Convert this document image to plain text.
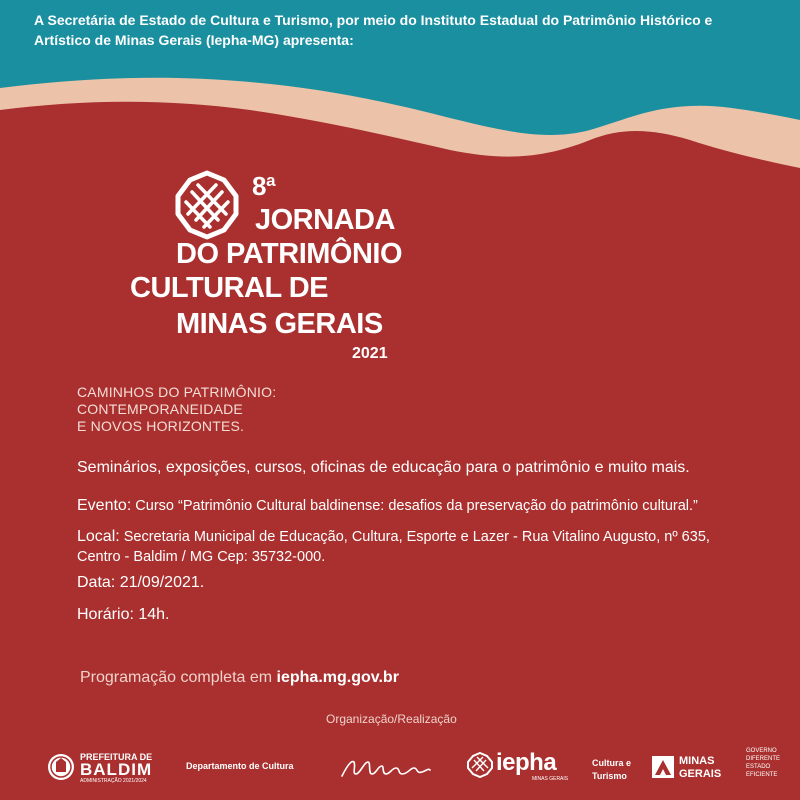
A Secretária de Estado de Cultura e Turismo, por meio do Instituto Estadual do Patrimônio Histórico e
Artístico de Minas Gerais (Iepha-MG) apresenta:
8ª
JORNADA
DO PATRIMÔNIO
CULTURAL DE
MINAS GERAIS
2021
CAMINHOS DO PATRIMÔNIO:
CONTEMPORANEIDADE
E NOVOS HORIZONTES.
Seminários, exposições, cursos, oficinas de educação para o patrimônio e muito mais.
Evento: Curso “Patrimônio Cultural baldinense: desafios da preservação do patrimônio cultural.”
Local: Secretaria Municipal de Educação, Cultura, Esporte e Lazer - Rua Vitalino Augusto, nº 635,
Centro - Baldim / MG Cep: 35732-000.
Data: 21/09/2021.
Horário: 14h.
Programação completa em iepha.mg.gov.br
Organização/Realização
PREFEITURA DE
BALDIM
ADMINISTRAÇÃO 2021/2024
Departamento de Cultura	iepha
MINAS GERAIS
Cultura e
Turismo
MINAS
GERAIS
GOVERNO
DIFERENTE
ESTADO
EFICIENTE
